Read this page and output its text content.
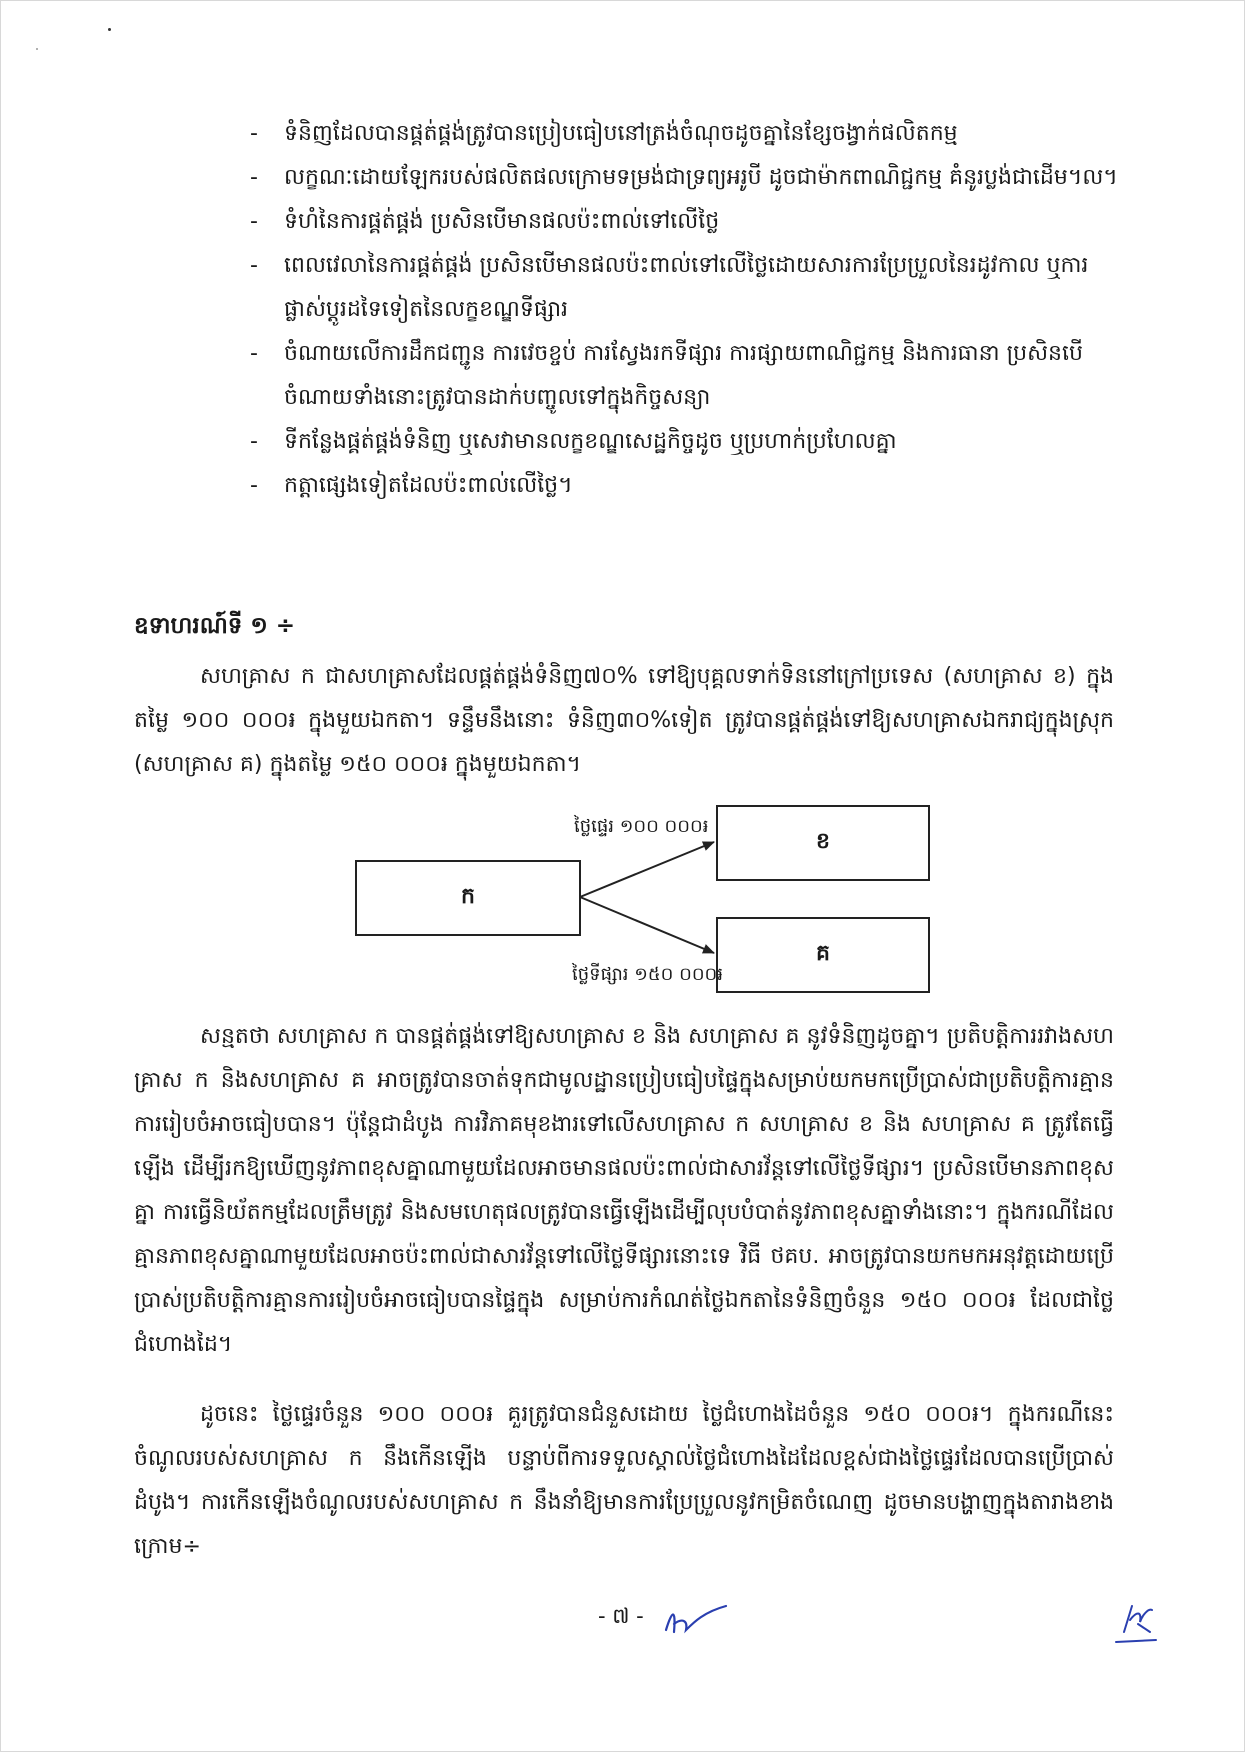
-	ទំនិញដែលបានផ្គត់ផ្គង់ត្រូវបានប្រៀបធៀបនៅត្រង់ចំណុចដូចគ្នានៃខ្សែចង្វាក់ផលិតកម្ម
-	លក្ខណៈដោយឡែករបស់ផលិតផលក្រោមទម្រង់ជាទ្រព្យអរូបី ដូចជាម៉ាកពាណិជ្ជកម្ម គំនូរប្លង់ជាដើម។ល។
-	ទំហំនៃការផ្គត់ផ្គង់ ប្រសិនបើមានផលប៉ះពាល់ទៅលើថ្លៃ
-	ពេលវេលានៃការផ្គត់ផ្គង់ ប្រសិនបើមានផលប៉ះពាល់ទៅលើថ្លៃដោយសារការប្រែប្រួលនៃរដូវកាល ឬការផ្លាស់ប្តូរដទៃទៀតនៃលក្ខខណ្ឌទីផ្សារ
-	ចំណាយលើការដឹកជញ្ជូន ការវេចខ្ចប់ ការស្វែងរកទីផ្សារ ការផ្សាយពាណិជ្ជកម្ម និងការធានា ប្រសិនបើចំណាយទាំងនោះត្រូវបានដាក់បញ្ចូលទៅក្នុងកិច្ចសន្យា
-	ទីកន្លែងផ្គត់ផ្គង់ទំនិញ ឬសេវាមានលក្ខខណ្ឌសេដ្ឋកិច្ចដូច ឬប្រហាក់ប្រហែលគ្នា
-	កត្តាផ្សេងទៀតដែលប៉ះពាល់លើថ្លៃ។
ឧទាហរណ៍ទី ១ ÷
សហគ្រាស ក ជាសហគ្រាសដែលផ្គត់ផ្គង់ទំនិញ៧០% ទៅឱ្យបុគ្គលទាក់ទិននៅក្រៅប្រទេស (សហគ្រាស ខ) ក្នុងតម្លៃ ១០០ ០០០៛ ក្នុងមួយឯកតា។ ទន្ទឹមនឹងនោះ ទំនិញ៣០%ទៀត ត្រូវបានផ្គត់ផ្គង់ទៅឱ្យសហគ្រាសឯករាជ្យក្នុងស្រុក (សហគ្រាស គ) ក្នុងតម្លៃ ១៥០ ០០០៛ ក្នុងមួយឯកតា។
ក
ខ
គ
ថ្លៃផ្ទេរ ១០០ ០០០៛
ថ្លៃទីផ្សារ ១៥០ ០០០៛
សន្មតថា សហគ្រាស ក បានផ្គត់ផ្គង់ទៅឱ្យសហគ្រាស ខ និង សហគ្រាស គ នូវទំនិញដូចគ្នា។ ប្រតិបត្តិការរវាងសហគ្រាស ក និងសហគ្រាស គ អាចត្រូវបានចាត់ទុកជាមូលដ្ឋានប្រៀបធៀបផ្ទៃក្នុងសម្រាប់យកមកប្រើប្រាស់ជាប្រតិបត្តិការគ្មានការរៀបចំអាចធៀបបាន។ ប៉ុន្តែជាដំបូង ការវិភាគមុខងារទៅលើសហគ្រាស ក សហគ្រាស ខ និង សហគ្រាស គ ត្រូវតែធ្វើឡើង ដើម្បីរកឱ្យឃើញនូវភាពខុសគ្នាណាមួយដែលអាចមានផលប៉ះពាល់ជាសារវ័ន្តទៅលើថ្លៃទីផ្សារ។ ប្រសិនបើមានភាពខុសគ្នា ការធ្វើនិយ័តកម្មដែលត្រឹមត្រូវ និងសមហេតុផលត្រូវបានធ្វើឡើងដើម្បីលុបបំបាត់នូវភាពខុសគ្នាទាំងនោះ។ ក្នុងករណីដែលគ្មានភាពខុសគ្នាណាមួយដែលអាចប៉ះពាល់ជាសារវ័ន្តទៅលើថ្លៃទីផ្សារនោះទេ វិធី ថគប. អាចត្រូវបានយកមកអនុវត្តដោយប្រើប្រាស់ប្រតិបត្តិការគ្មានការរៀបចំអាចធៀបបានផ្ទៃក្នុង សម្រាប់ការកំណត់ថ្លៃឯកតានៃទំនិញចំនួន ១៥០ ០០០៛ ដែលជាថ្លៃជំហោងដៃ។
ដូចនេះ ថ្លៃផ្ទេរចំនួន ១០០ ០០០៛ គួរត្រូវបានជំនួសដោយ ថ្លៃជំហោងដៃចំនួន ១៥០ ០០០៛។ ក្នុងករណីនេះ ចំណូលរបស់សហគ្រាស ក នឹងកើនឡើង បន្ទាប់ពីការទទួលស្គាល់ថ្លៃជំហោងដៃដែលខ្ពស់ជាងថ្លៃផ្ទេរដែលបានប្រើប្រាស់ដំបូង។ ការកើនឡើងចំណូលរបស់សហគ្រាស ក នឹងនាំឱ្យមានការប្រែប្រួលនូវកម្រិតចំណេញ ដូចមានបង្ហាញក្នុងតារាងខាងក្រោម÷
- ៧ -
